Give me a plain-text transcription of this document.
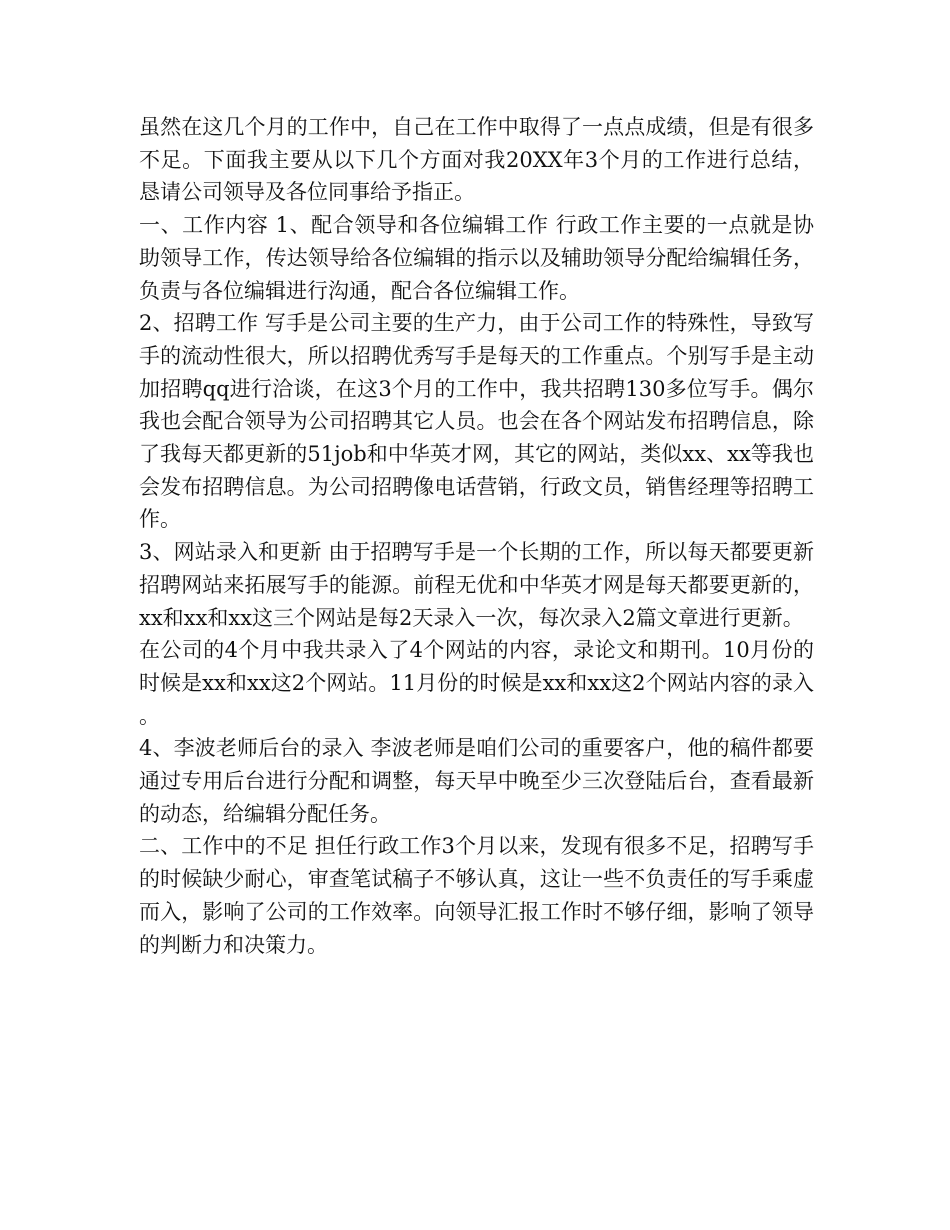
虽然在这几个月的工作中，自己在工作中取得了一点点成绩，但是有很多不足。下面我主要从以下几个方面对我20XX年3个月的工作进行总结，恳请公司领导及各位同事给予指正。

一、工作内容 1、配合领导和各位编辑工作 行政工作主要的一点就是协助领导工作，传达领导给各位编辑的指示以及辅助领导分配给编辑任务，负责与各位编辑进行沟通，配合各位编辑工作。

2、招聘工作 写手是公司主要的生产力，由于公司工作的特殊性，导致写手的流动性很大，所以招聘优秀写手是每天的工作重点。个别写手是主动加招聘qq进行洽谈，在这3个月的工作中，我共招聘130多位写手。偶尔我也会配合领导为公司招聘其它人员。也会在各个网站发布招聘信息，除了我每天都更新的51job和中华英才网，其它的网站，类似xx、xx等我也会发布招聘信息。为公司招聘像电话营销，行政文员，销售经理等招聘工作。

3、网站录入和更新 由于招聘写手是一个长期的工作，所以每天都要更新招聘网站来拓展写手的能源。前程无优和中华英才网是每天都要更新的，xx和xx和xx这三个网站是每2天录入一次，每次录入2篇文章进行更新。

在公司的4个月中我共录入了4个网站的内容，录论文和期刊。10月份的时候是xx和xx这2个网站。11月份的时候是xx和xx这2个网站内容的录入。

4、李波老师后台的录入 李波老师是咱们公司的重要客户，他的稿件都要通过专用后台进行分配和调整，每天早中晚至少三次登陆后台，查看最新的动态，给编辑分配任务。

二、工作中的不足 担任行政工作3个月以来，发现有很多不足，招聘写手的时候缺少耐心，审查笔试稿子不够认真，这让一些不负责任的写手乘虚而入，影响了公司的工作效率。向领导汇报工作时不够仔细，影响了领导的判断力和决策力。
